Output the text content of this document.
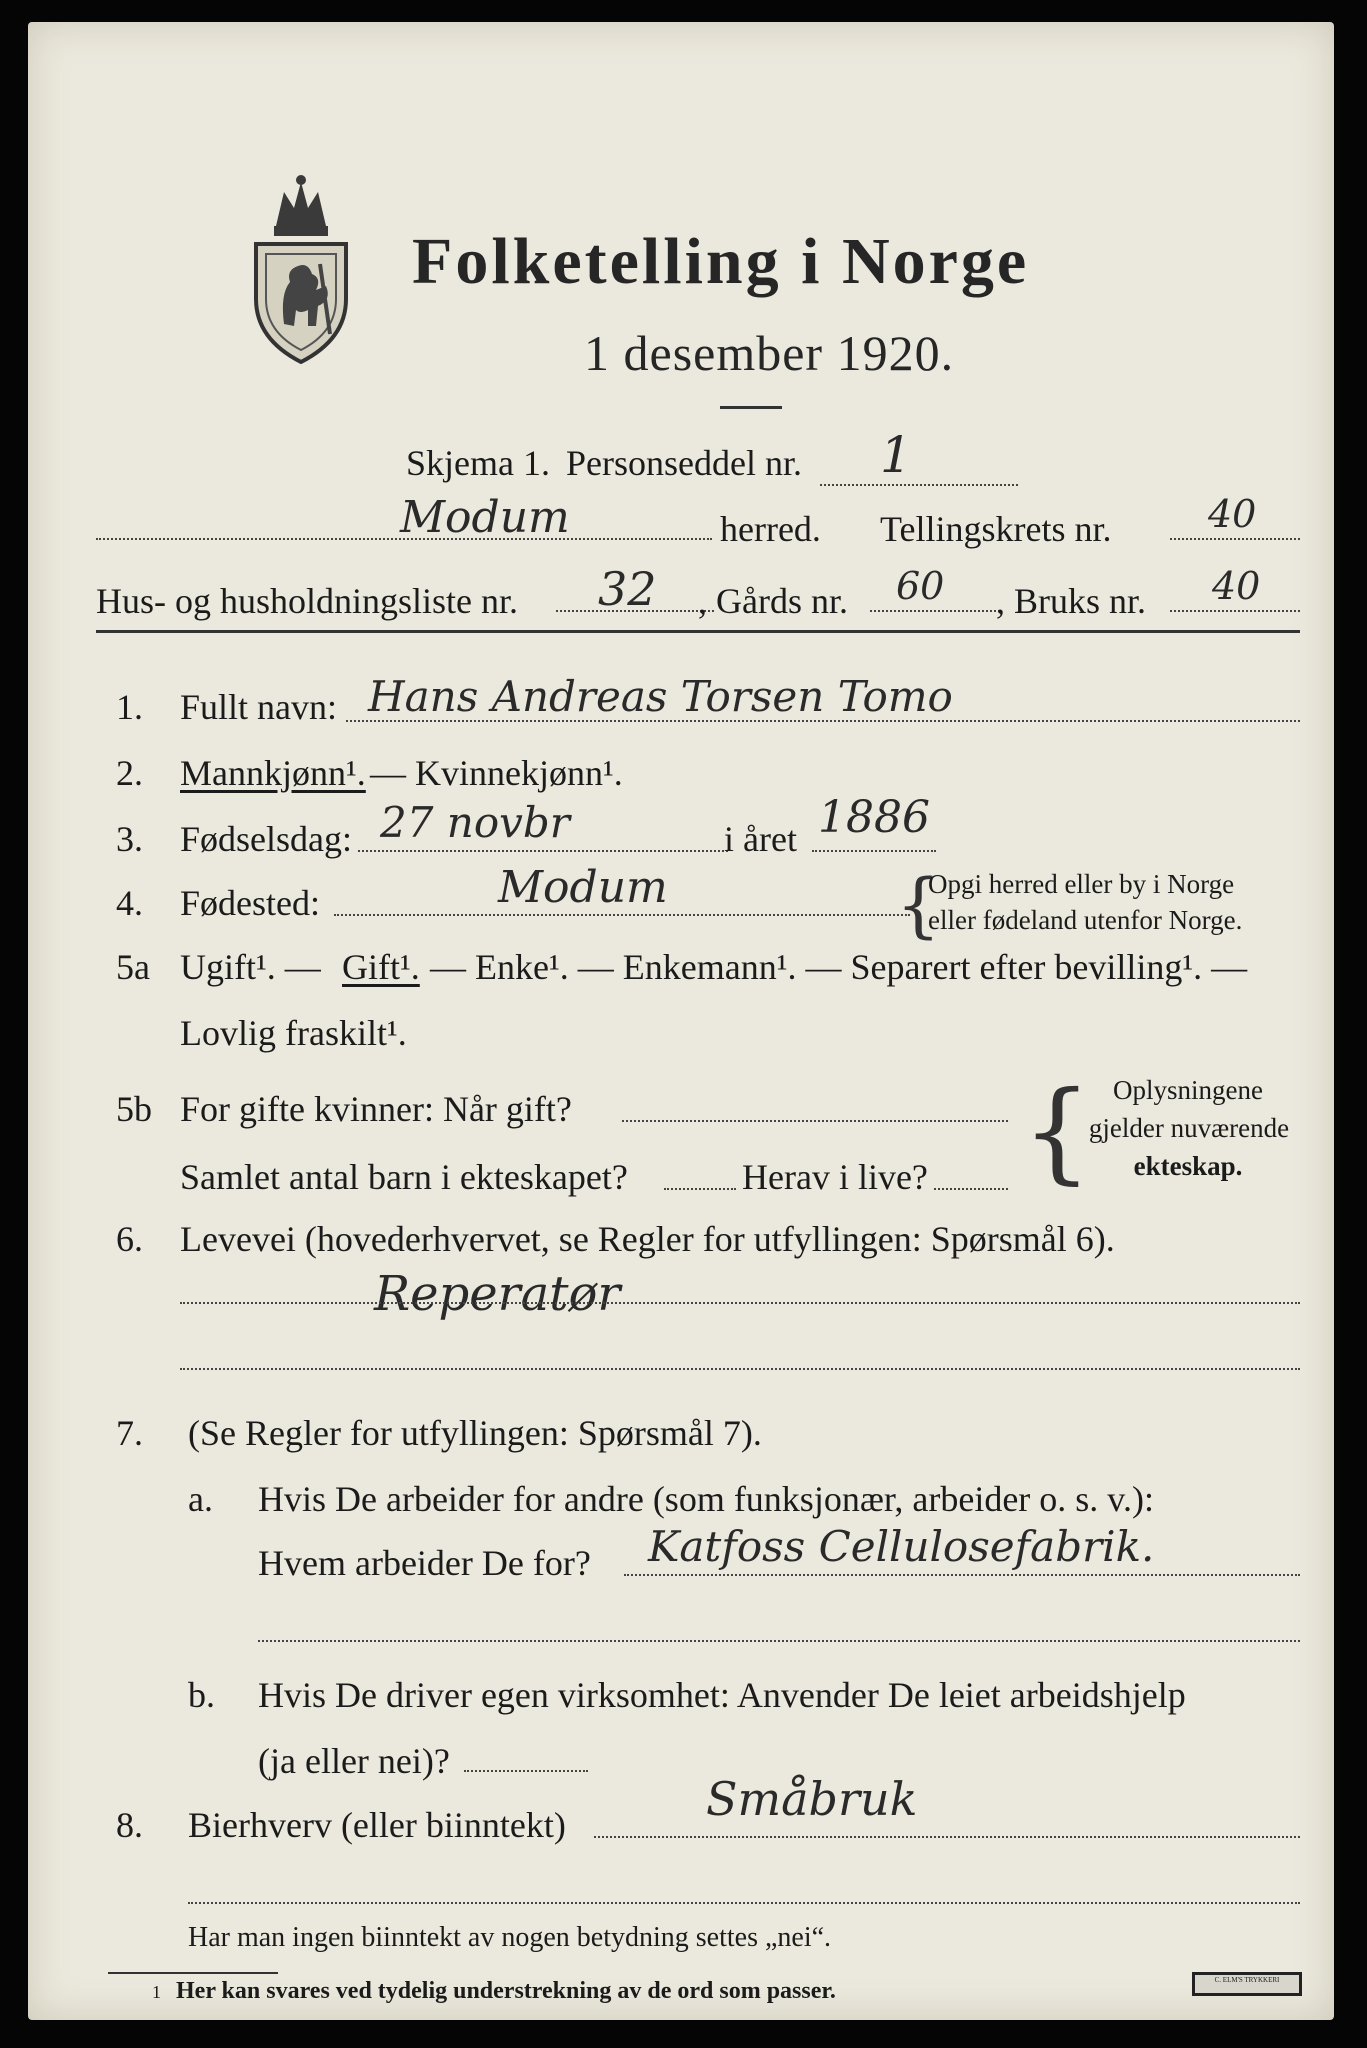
Folketelling i Norge
1 desember 1920.
Skjema 1. Personseddel nr. 1
Modum	herred. Tellingskrets nr.	40
Hus- og husholdningsliste nr. 32 , Gårds nr. 60 , Bruks nr. 40
1. Fullt navn: Hans Andreas Torsen Tomo
2. Mannkjønn¹. — Kvinnekjønn¹.
3. Fødselsdag: 27 novbr	i året 1886
4. Fødested:	Modum	{
Opgi herred eller by i Norge
eller fødeland utenfor Norge.
5a Ugift¹. — Gift¹. — Enke¹. — Enkemann¹. — Separert efter bevilling¹. —
Lovlig fraskilt¹.
5b For gifte kvinner: Når gift?
Samlet antal barn i ekteskapet?	Herav i live? { Oplysningene
gjelder nuværende
ekteskap.
6. Levevei (hovederhvervet, se Regler for utfyllingen: Spørsmål 6).
Reperatør
7. (Se Regler for utfyllingen: Spørsmål 7).
a. Hvis De arbeider for andre (som funksjonær, arbeider o. s. v.):
Hvem arbeider De for? Katfoss Cellulosefabrik.
b. Hvis De driver egen virksomhet: Anvender De leiet arbeidshjelp
(ja eller nei)?
8. Bierhverv (eller biinntekt)	Småbruk
Har man ingen biinntekt av nogen betydning settes „nei“.
1 Her kan svares ved tydelig understrekning av de ord som passer.	C. ELM'S TRYKKERI
